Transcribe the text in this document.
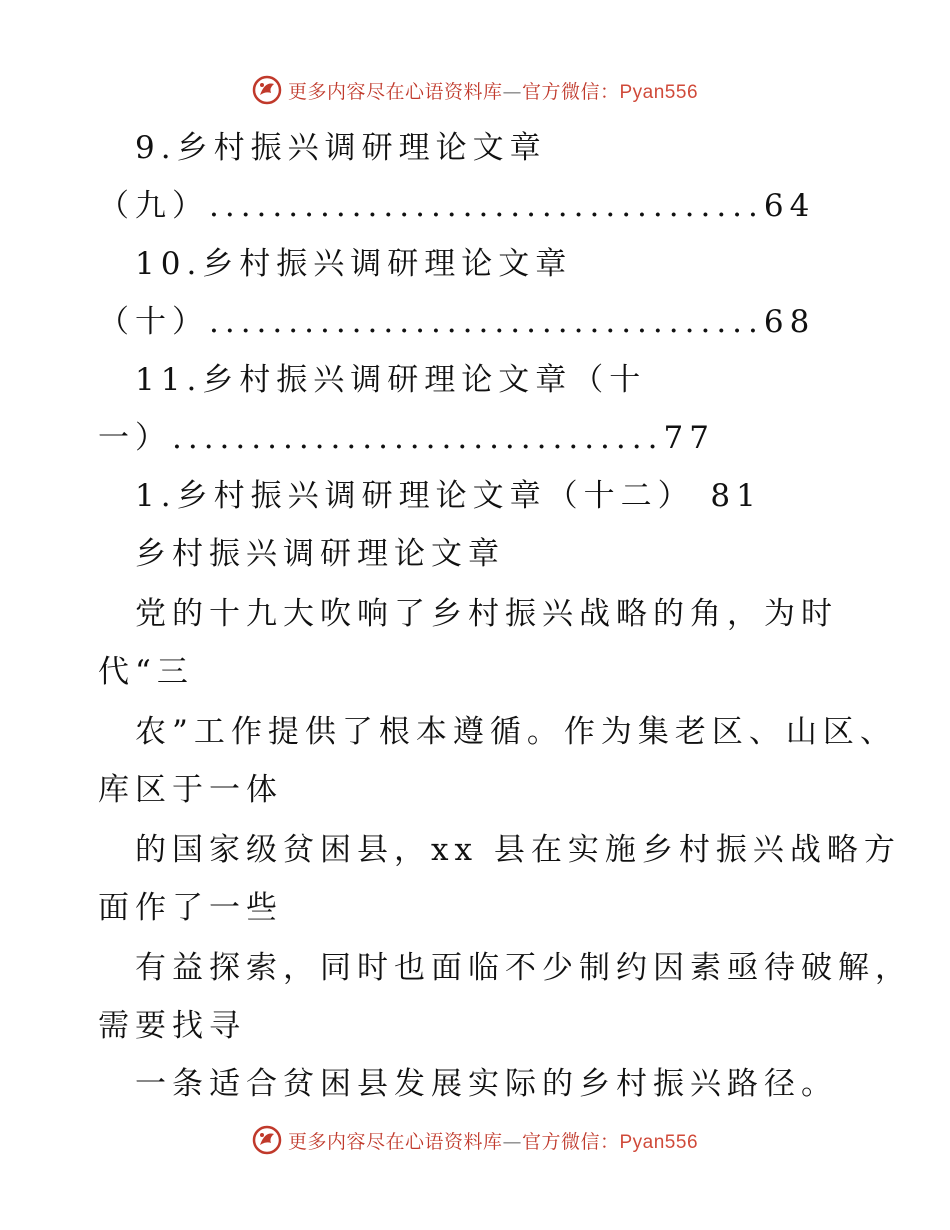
更多内容尽在心语资料库—官方微信：Pyan556
9.乡村振兴调研理论文章
（九）...................................64
10.乡村振兴调研理论文章
（十）...................................68
11.乡村振兴调研理论文章（十
一）...............................77
1.乡村振兴调研理论文章（十二） 81
乡村振兴调研理论文章
党的十九大吹响了乡村振兴战略的角，为时
代“三
农”工作提供了根本遵循。作为集老区、山区、
库区于一体
的国家级贫困县，xx 县在实施乡村振兴战略方
面作了一些
有益探索，同时也面临不少制约因素亟待破解，
需要找寻
一条适合贫困县发展实际的乡村振兴路径。
更多内容尽在心语资料库—官方微信：Pyan556
